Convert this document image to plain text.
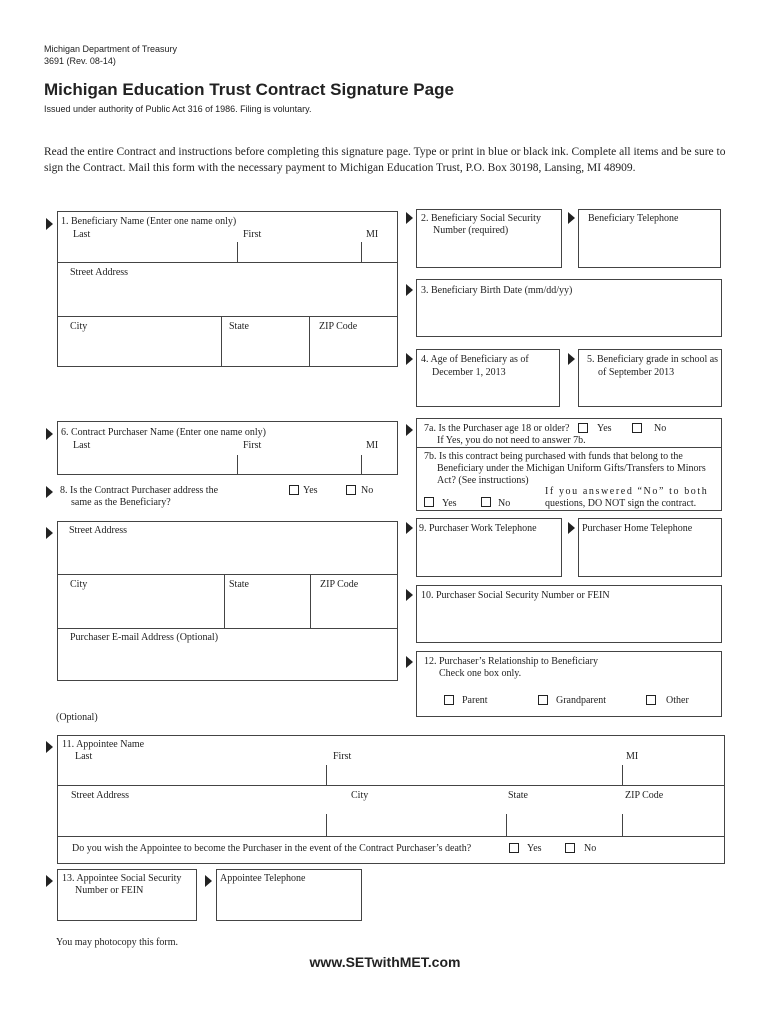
Michigan Department of Treasury
3691 (Rev. 08-14)
Michigan Education Trust Contract Signature Page
Issued under authority of Public Act 316 of 1986. Filing is voluntary.
Read the entire Contract and instructions before completing this signature page. Type or print in blue or black ink. Complete all items and be sure to sign the Contract. Mail this form with the necessary payment to Michigan Education Trust, P.O. Box 30198, Lansing, MI 48909.
1. Beneficiary Name (Enter one name only)
Last	First	MI
Street Address
City	State	ZIP Code
2. Beneficiary Social Security
Number (required)
Beneficiary Telephone
3. Beneficiary Birth Date (mm/dd/yy)
4. Age of Beneficiary as of
December 1, 2013
5. Beneficiary grade in school as
of September 2013
6. Contract Purchaser Name (Enter one name only)
Last	First	MI
7a. Is the Purchaser age 18 or older?	Yes	No
If Yes, you do not need to answer 7b.
7b. Is this contract being purchased with funds that belong to the
Beneficiary under the Michigan Uniform Gifts/Transfers to Minors
Act? (See instructions)
Yes	No
If you answered “No” to both
questions, DO NOT sign the contract.
8. Is the Contract Purchaser address the
same as the Beneficiary?
Yes	No
Street Address
City	State	ZIP Code
Purchaser E-mail Address (Optional)
9. Purchaser Work Telephone	Purchaser Home Telephone
10. Purchaser Social Security Number or FEIN
12. Purchaser’s Relationship to Beneficiary
Check one box only.
Parent	Grandparent	Other
(Optional)
11. Appointee Name
Last	First	MI
Street Address	City	State	ZIP Code
Do you wish the Appointee to become the Purchaser in the event of the Contract Purchaser’s death?	Yes	No
13. Appointee Social Security
Number or FEIN
Appointee Telephone
You may photocopy this form.
www.SETwithMET.com
